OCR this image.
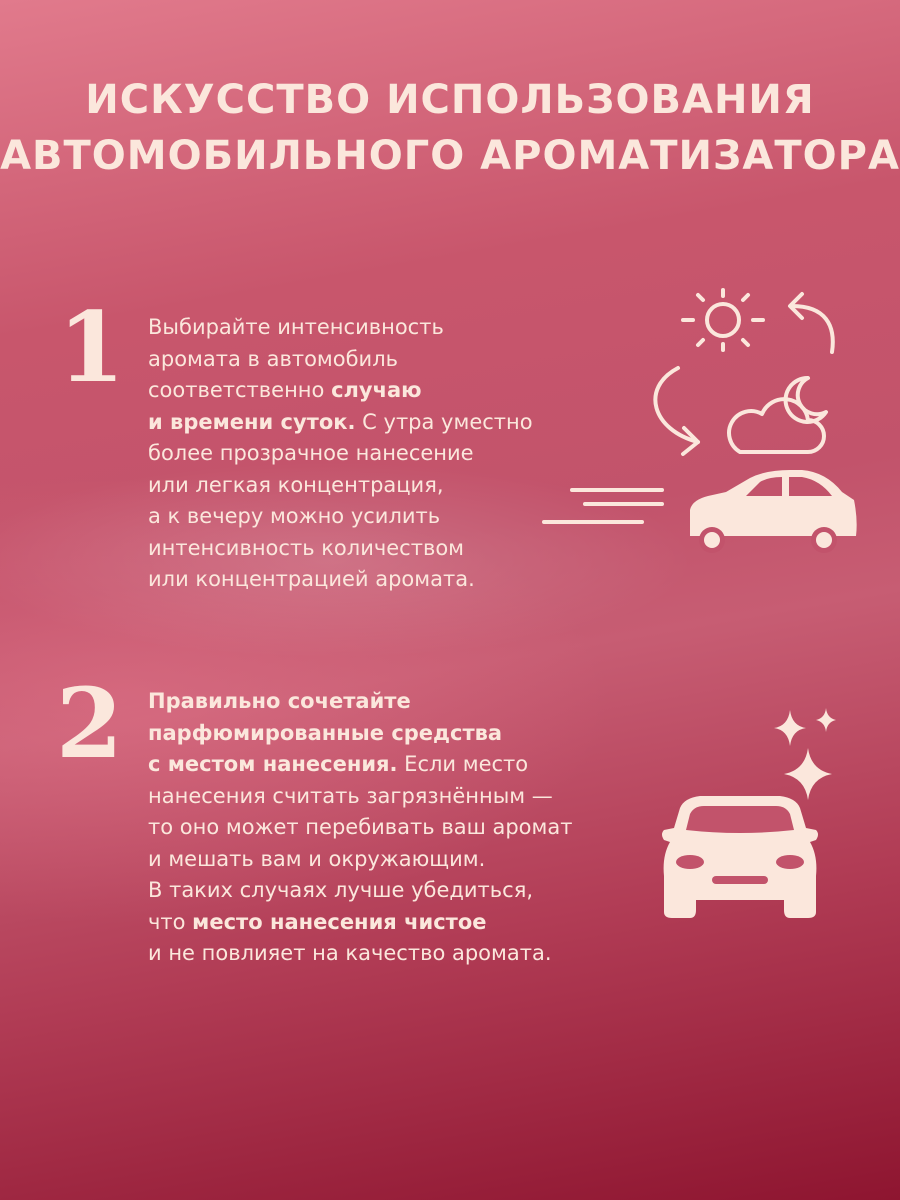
ИСКУССТВО ИСПОЛЬЗОВАНИЯ
АВТОМОБИЛЬНОГО АРОМАТИЗАТОРА
1 Выбирайте интенсивность
аромата в автомобиль
соответственно случаю
и времени суток. С утра уместно
более прозрачное нанесение
или легкая концентрация,
а к вечеру можно усилить
интенсивность количеством
или концентрацией аромата.
2 Правильно сочетайте
парфюмированные средства
с местом нанесения. Если место
нанесения считать загрязнённым —
то оно может перебивать ваш аромат
и мешать вам и окружающим.
В таких случаях лучше убедиться,
что место нанесения чистое
и не повлияет на качество аромата.
